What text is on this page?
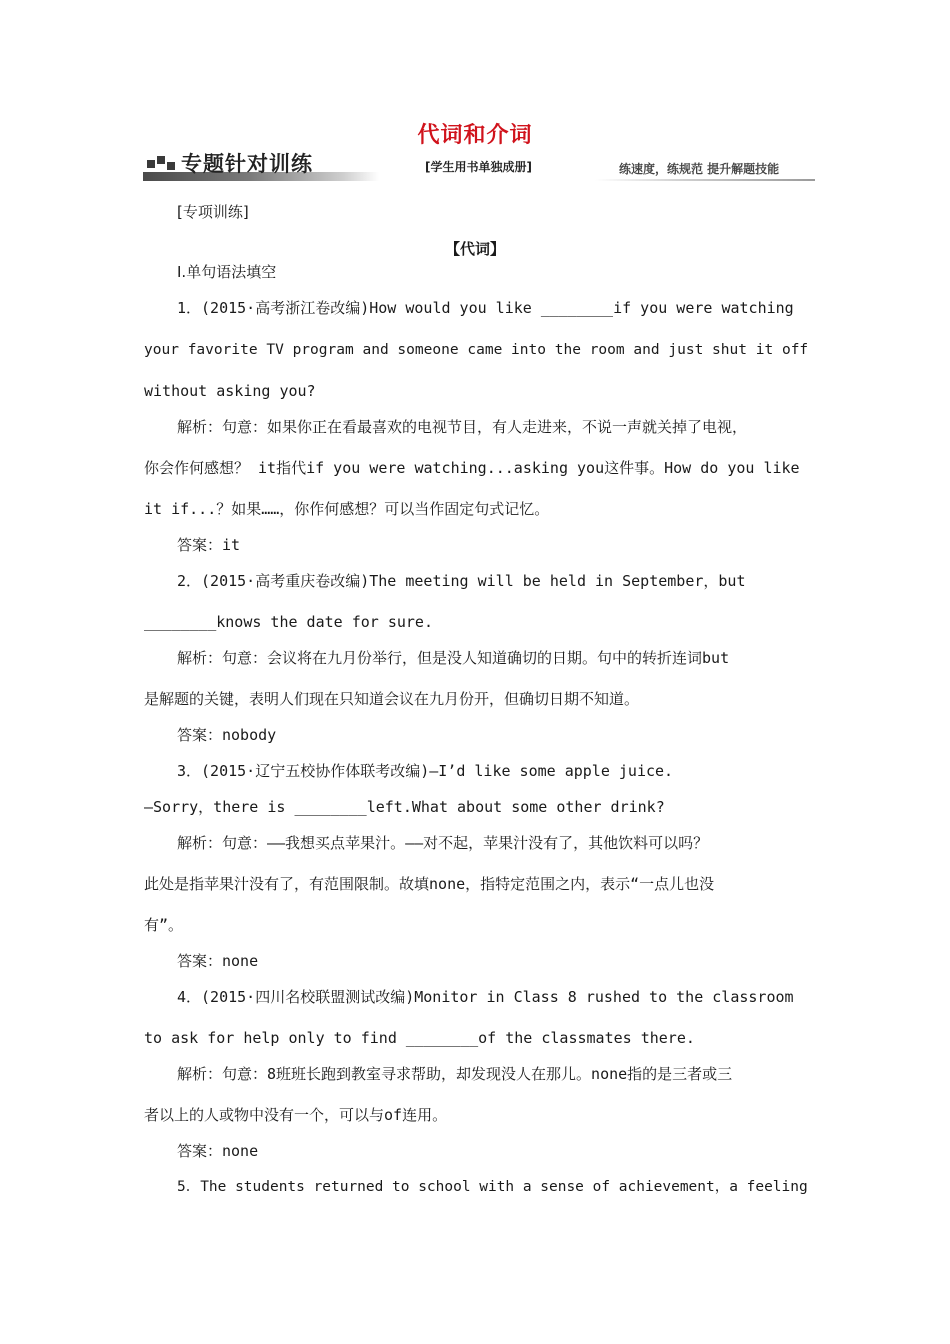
代词和介词
专题针对训练	[学生用书单独成册]	练速度，练规范 提升解题技能
[专项训练]
【代词】
Ⅰ.单句语法填空
1．(2015·高考浙江卷改编)How would you like ________if you were watching
your favorite TV program and someone came into the room and just shut it off
without asking you?
解析：句意：如果你正在看最喜欢的电视节目，有人走进来，不说一声就关掉了电视，
你会作何感想？ it指代if you were watching...asking you这件事。How do you like
it if...？如果……，你作何感想？可以当作固定句式记忆。
答案：it
2．(2015·高考重庆卷改编)The meeting will be held in September，but
________knows the date for sure.
解析：句意：会议将在九月份举行，但是没人知道确切的日期。句中的转折连词but
是解题的关键，表明人们现在只知道会议在九月份开，但确切日期不知道。
答案：nobody
3．(2015·辽宁五校协作体联考改编)—I’d like some apple juice.
—Sorry，there is ________left.What about some other drink?
解析：句意：——我想买点苹果汁。——对不起，苹果汁没有了，其他饮料可以吗？
此处是指苹果汁没有了，有范围限制。故填none，指特定范围之内，表示“一点儿也没
有”。
答案：none
4．(2015·四川名校联盟测试改编)Monitor in Class 8 rushed to the classroom
to ask for help only to find ________of the classmates there.
解析：句意：8班班长跑到教室寻求帮助，却发现没人在那儿。none指的是三者或三
者以上的人或物中没有一个，可以与of连用。
答案：none
5．The students returned to school with a sense of achievement，a feeling
